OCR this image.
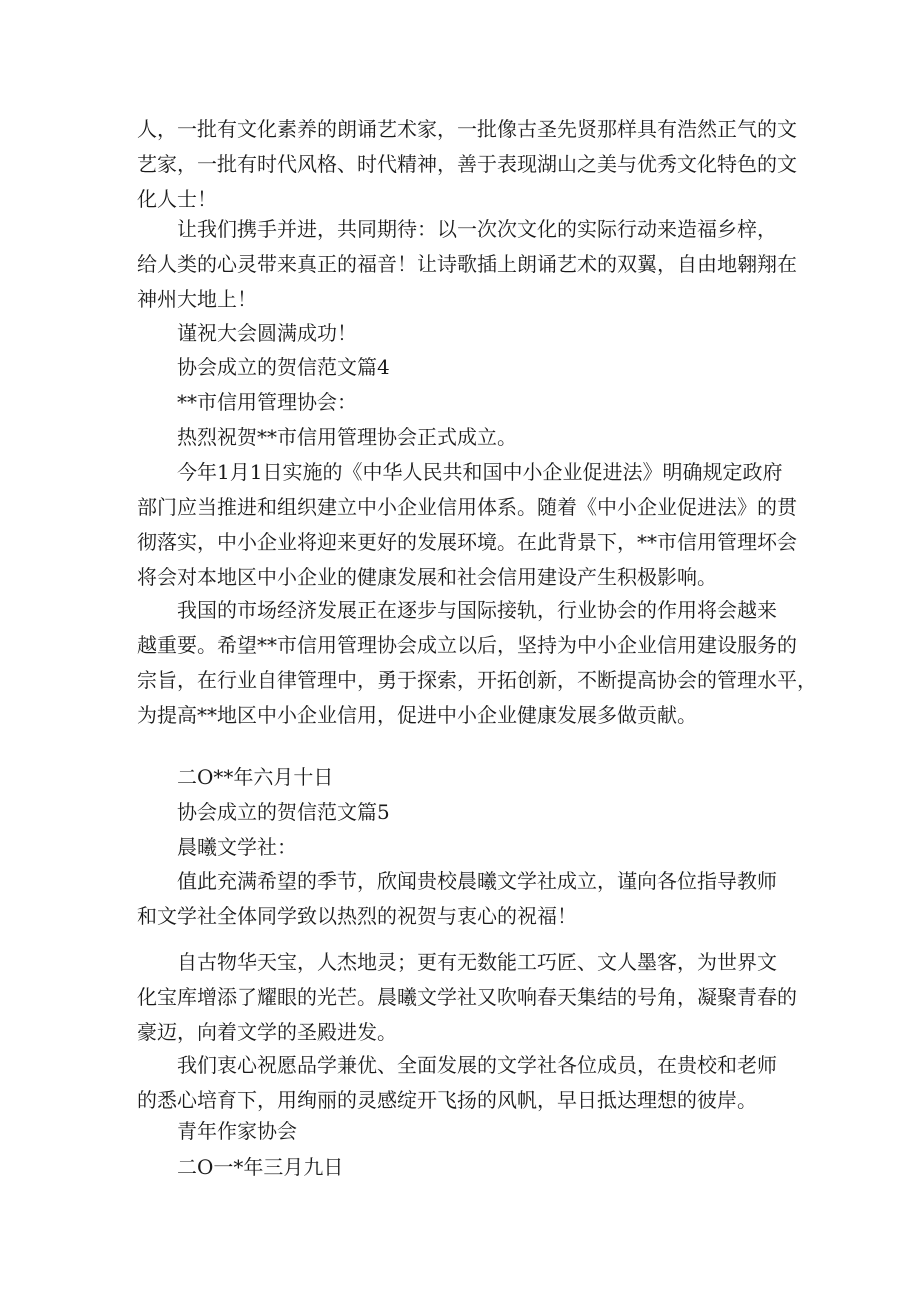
人，一批有文化素养的朗诵艺术家，一批像古圣先贤那样具有浩然正气的文
艺家，一批有时代风格、时代精神，善于表现湖山之美与优秀文化特色的文
化人士！
让我们携手并进，共同期待：以一次次文化的实际行动来造福乡梓，
给人类的心灵带来真正的福音！让诗歌插上朗诵艺术的双翼，自由地翱翔在
神州大地上！
谨祝大会圆满成功！
协会成立的贺信范文篇4
**市信用管理协会：
热烈祝贺**市信用管理协会正式成立。
今年1月1日实施的《中华人民共和国中小企业促进法》明确规定政府
部门应当推进和组织建立中小企业信用体系。随着《中小企业促进法》的贯
彻落实，中小企业将迎来更好的发展环境。在此背景下，**市信用管理坏会
将会对本地区中小企业的健康发展和社会信用建设产生积极影响。
我国的市场经济发展正在逐步与国际接轨，行业协会的作用将会越来
越重要。希望**市信用管理协会成立以后，坚持为中小企业信用建设服务的
宗旨，在行业自律管理中，勇于探索，开拓创新，不断提高协会的管理水平，
为提高**地区中小企业信用，促进中小企业健康发展多做贡献。
二O**年六月十日
协会成立的贺信范文篇5
晨曦文学社：
值此充满希望的季节，欣闻贵校晨曦文学社成立，谨向各位指导教师
和文学社全体同学致以热烈的祝贺与衷心的祝福！
自古物华天宝，人杰地灵；更有无数能工巧匠、文人墨客，为世界文
化宝库增添了耀眼的光芒。晨曦文学社又吹响春天集结的号角，凝聚青春的
豪迈，向着文学的圣殿进发。
我们衷心祝愿品学兼优、全面发展的文学社各位成员，在贵校和老师
的悉心培育下，用绚丽的灵感绽开飞扬的风帆，早日抵达理想的彼岸。
青年作家协会
二O一*年三月九日
